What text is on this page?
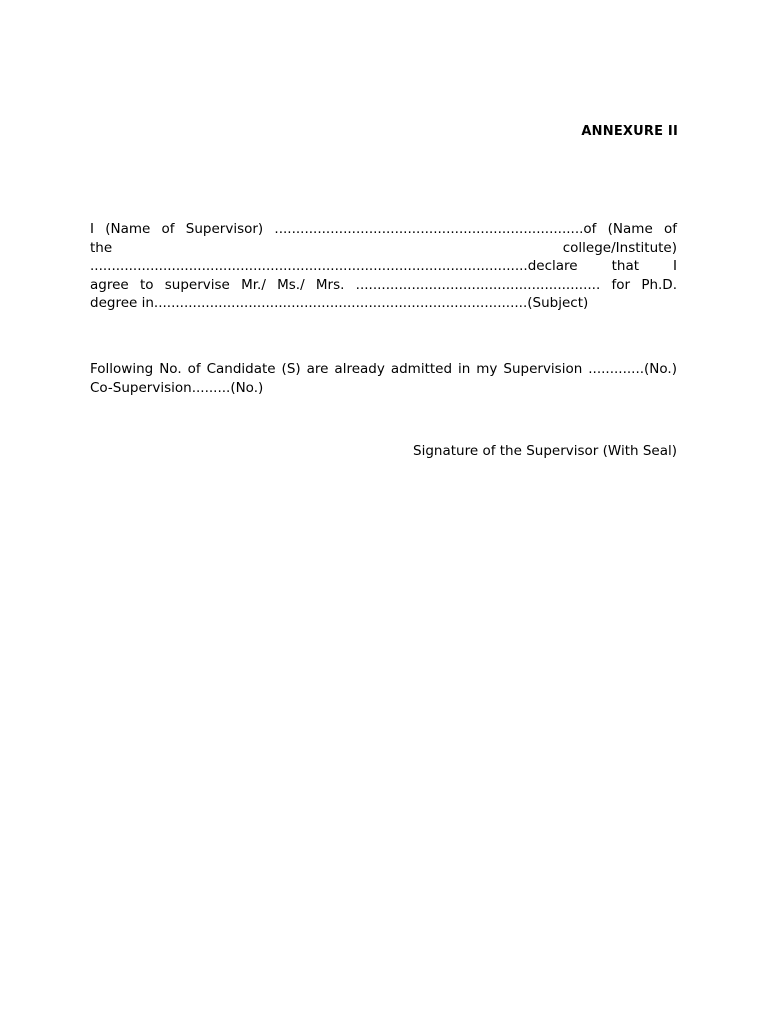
ANNEXURE II
I (Name of Supervisor) ........................................................................of (Name of
the	college/Institute)
......................................................................................................declare that I
agree to supervise Mr./ Ms./ Mrs. ......................................................... for Ph.D.
degree in.......................................................................................(Subject)
Following No. of Candidate (S) are already admitted in my Supervision .............(No.)
Co-Supervision.........(No.)
Signature of the Supervisor (With Seal)
